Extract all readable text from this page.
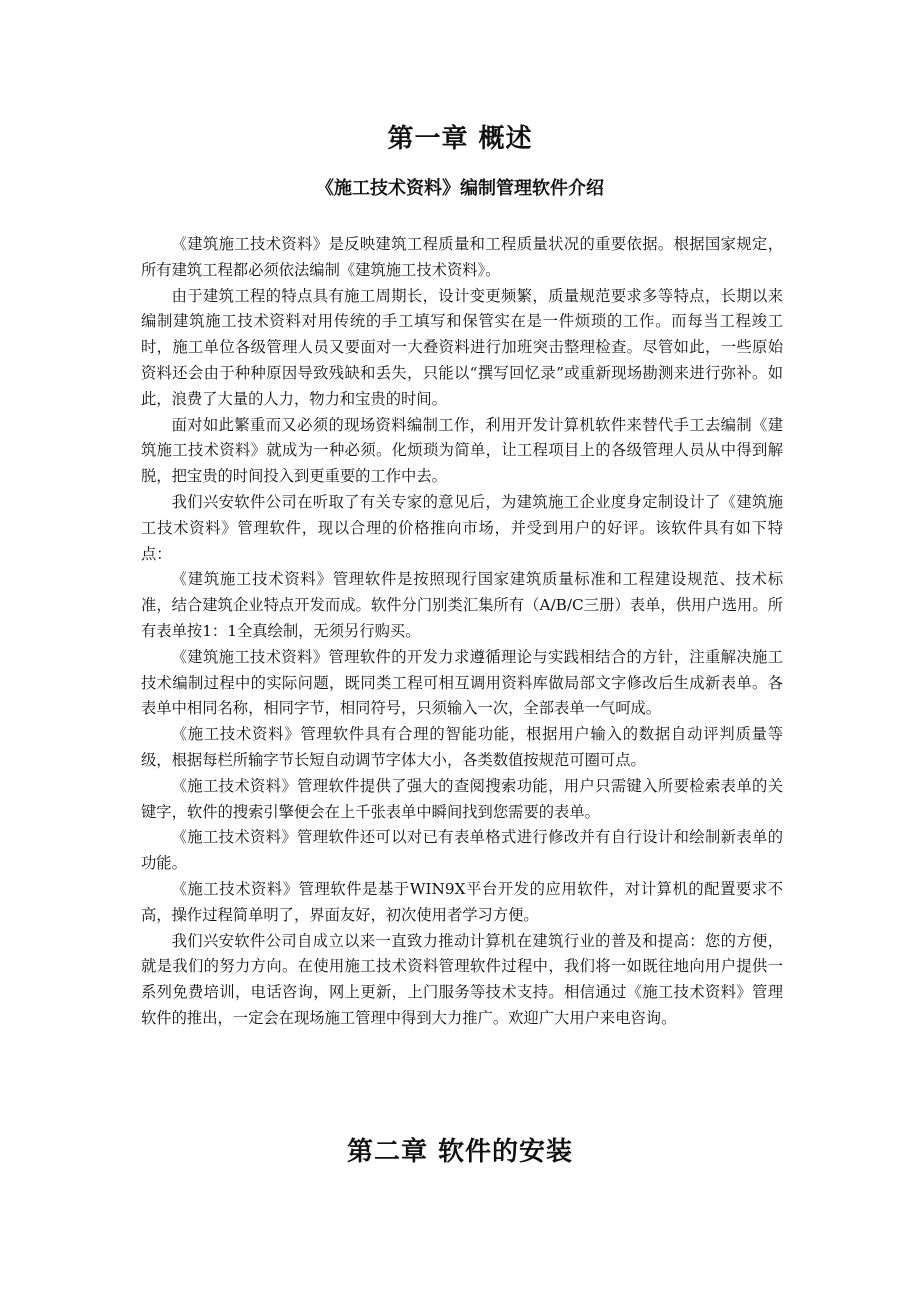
第一章 概述
《施工技术资料》编制管理软件介绍

《建筑施工技术资料》是反映建筑工程质量和工程质量状况的重要依据。根据国家规定，所有建筑工程都必须依法编制《建筑施工技术资料》。

由于建筑工程的特点具有施工周期长，设计变更频繁，质量规范要求多等特点，长期以来编制建筑施工技术资料对用传统的手工填写和保管实在是一件烦琐的工作。而每当工程竣工时，施工单位各级管理人员又要面对一大叠资料进行加班突击整理检查。尽管如此，一些原始资料还会由于种种原因导致残缺和丢失，只能以“撰写回忆录”或重新现场勘测来进行弥补。如此，浪费了大量的人力，物力和宝贵的时间。

面对如此繁重而又必须的现场资料编制工作，利用开发计算机软件来替代手工去编制《建筑施工技术资料》就成为一种必须。化烦琐为简单，让工程项目上的各级管理人员从中得到解脱，把宝贵的时间投入到更重要的工作中去。

我们兴安软件公司在听取了有关专家的意见后，为建筑施工企业度身定制设计了《建筑施工技术资料》管理软件，现以合理的价格推向市场，并受到用户的好评。该软件具有如下特点：

《建筑施工技术资料》管理软件是按照现行国家建筑质量标准和工程建设规范、技术标准，结合建筑企业特点开发而成。软件分门别类汇集所有（A/B/C三册）表单，供用户选用。所有表单按1：1全真绘制，无须另行购买。

《建筑施工技术资料》管理软件的开发力求遵循理论与实践相结合的方针，注重解决施工技术编制过程中的实际问题，既同类工程可相互调用资料库做局部文字修改后生成新表单。各表单中相同名称，相同字节，相同符号，只须输入一次，全部表单一气呵成。

《施工技术资料》管理软件具有合理的智能功能，根据用户输入的数据自动评判质量等级，根据每栏所输字节长短自动调节字体大小，各类数值按规范可圈可点。

《施工技术资料》管理软件提供了强大的查阅搜索功能，用户只需键入所要检索表单的关键字，软件的搜索引擎便会在上千张表单中瞬间找到您需要的表单。

《施工技术资料》管理软件还可以对已有表单格式进行修改并有自行设计和绘制新表单的功能。

《施工技术资料》管理软件是基于WIN9X平台开发的应用软件，对计算机的配置要求不高，操作过程简单明了，界面友好，初次使用者学习方便。

我们兴安软件公司自成立以来一直致力推动计算机在建筑行业的普及和提高：您的方便，就是我们的努力方向。在使用施工技术资料管理软件过程中，我们将一如既往地向用户提供一系列免费培训，电话咨询，网上更新，上门服务等技术支持。相信通过《施工技术资料》管理软件的推出，一定会在现场施工管理中得到大力推广。欢迎广大用户来电咨询。

第二章 软件的安装
